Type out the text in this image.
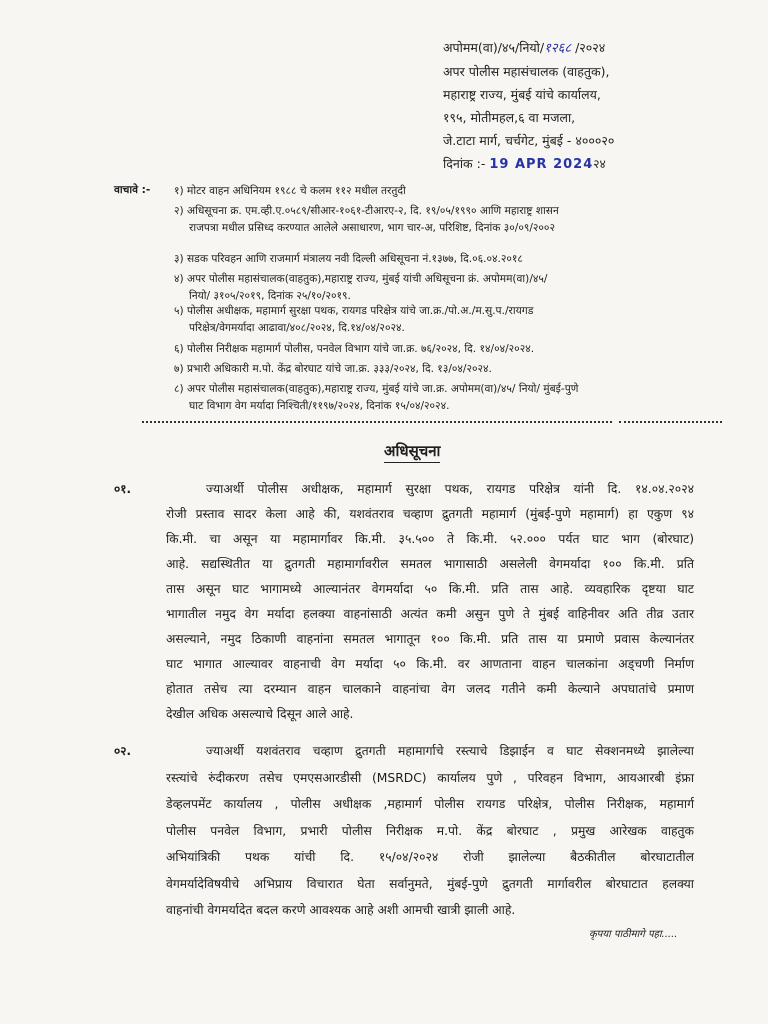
अपोमम(वा)/४५/नियो/१२६८ /२०२४
अपर पोलीस महासंचालक (वाहतुक),
महाराष्ट्र राज्य, मुंबई यांचे कार्यालय,
१९५, मोतीमहल,६ वा मजला,
जे.टाटा मार्ग, चर्चगेट, मुंबई - ४०००२०
दिनांक :- 19 APR 2024२४
वाचावे :- १) मोटर वाहन अधिनियम १९८८ चे कलम ११२ मधील तरतुदी
२) अधिसूचना क्र. एम.व्ही.ए.०५८९/सीआर-१०६१-टीआरए-२, दि. १९/०५/१९९० आणि महाराष्ट्र शासन
राजपत्रा मधील प्रसिध्द करण्यात आलेले असाधारण, भाग चार-अ, परिशिष्ट, दिनांक ३०/०९/२००२
३) सडक परिवहन आणि राजमार्ग मंत्रालय नवी दिल्ली अधिसूचना नं.१३७७, दि.०६.०४.२०१८
४) अपर पोलीस महासंचालक(वाहतुक),महाराष्ट्र राज्य, मुंबई यांची अधिसूचना क्रं. अपोमम(वा)/४५/
नियो/ ३१०५/२०१९, दिनांक २५/१०/२०१९.
५) पोलीस अधीक्षक, महामार्ग सुरक्षा पथक, रायगड परिक्षेत्र यांचे जा.क्र./पो.अ./म.सु.प./रायगड
परिक्षेत्र/वेगमर्यादा आढावा/४०८/२०२४, दि.१४/०४/२०२४.
६) पोलीस निरीक्षक महामार्ग पोलीस, पनवेल विभाग यांचे जा.क्र. ७६/२०२४, दि. १४/०४/२०२४.
७) प्रभारी अधिकारी म.पो. केंद्र बोरघाट यांचे जा.क्र. ३३३/२०२४, दि. १३/०४/२०२४.
८) अपर पोलीस महासंचालक(वाहतुक),महाराष्ट्र राज्य, मुंबई यांचे जा.क्र. अपोमम(वा)/४५/ नियो/ मुंबई-पुणे
घाट विभाग वेग मर्यादा निश्चिती/११९७/२०२४, दिनांक १५/०४/२०२४.
अधिसूचना
०१.	ज्याअर्थी पोलीस अधीक्षक, महामार्ग सुरक्षा पथक, रायगड परिक्षेत्र यांनी दि. १४.०४.२०२४
रोजी प्रस्ताव सादर केला आहे की, यशवंतराव चव्हाण द्रुतगती महामार्ग (मुंबई-पुणे महामार्ग) हा एकुण ९४
कि.मी. चा असून या महामार्गावर कि.मी. ३५.५०० ते कि.मी. ५२.००० पर्यत घाट भाग (बोरघाट)
आहे. सद्यस्थितीत या द्रुतगती महामार्गावरील समतल भागासाठी असलेली वेगमर्यादा १०० कि.मी. प्रति
तास असून घाट भागामध्ये आल्यानंतर वेगमर्यादा ५० कि.मी. प्रति तास आहे. व्यवहारिक दृष्टया घाट
भागातील नमुद वेग मर्यादा हलक्या वाहनांसाठी अत्यंत कमी असुन पुणे ते मुंबई वाहिनीवर अति तीव्र उतार
असल्याने, नमुद ठिकाणी वाहनांना समतल भागातून १०० कि.मी. प्रति तास या प्रमाणे प्रवास केल्यानंतर
घाट भागात आल्यावर वाहनाची वेग मर्यादा ५० कि.मी. वर आणताना वाहन चालकांना अड्चणी निर्माण
होतात तसेच त्या दरम्यान वाहन चालकाने वाहनांचा वेग जलद गतीने कमी केल्याने अपघातांचे प्रमाण
देखील अधिक असल्याचे दिसून आले आहे.
०२.	ज्याअर्थी यशवंतराव चव्हाण द्रुतगती महामार्गाचे रस्त्याचे डिझाईन व घाट सेक्शनमध्ये झालेल्या
रस्त्यांचे रुंदीकरण तसेच एमएसआरडीसी (MSRDC) कार्यालय पुणे , परिवहन विभाग, आयआरबी इंफ्रा
डेव्हलपमेंट कार्यालय , पोलीस अधीक्षक ,महामार्ग पोलीस रायगड परिक्षेत्र, पोलीस निरीक्षक, महामार्ग
पोलीस पनवेल विभाग, प्रभारी पोलीस निरीक्षक म.पो. केंद्र बोरघाट , प्रमुख आरेखक वाहतुक
अभियांत्रिकी पथक यांची दि. १५/०४/२०२४ रोजी झालेल्या बैठकीतील बोरघाटातील
वेगमर्यादेविषयीचे अभिप्राय विचारात घेता सर्वानुमते, मुंबई-पुणे द्रुतगती मार्गावरील बोरघाटात हलक्या
वाहनांची वेगमर्यादेत बदल करणे आवश्यक आहे अशी आमची खात्री झाली आहे.
कृपया पाठीमागे पहा.....
